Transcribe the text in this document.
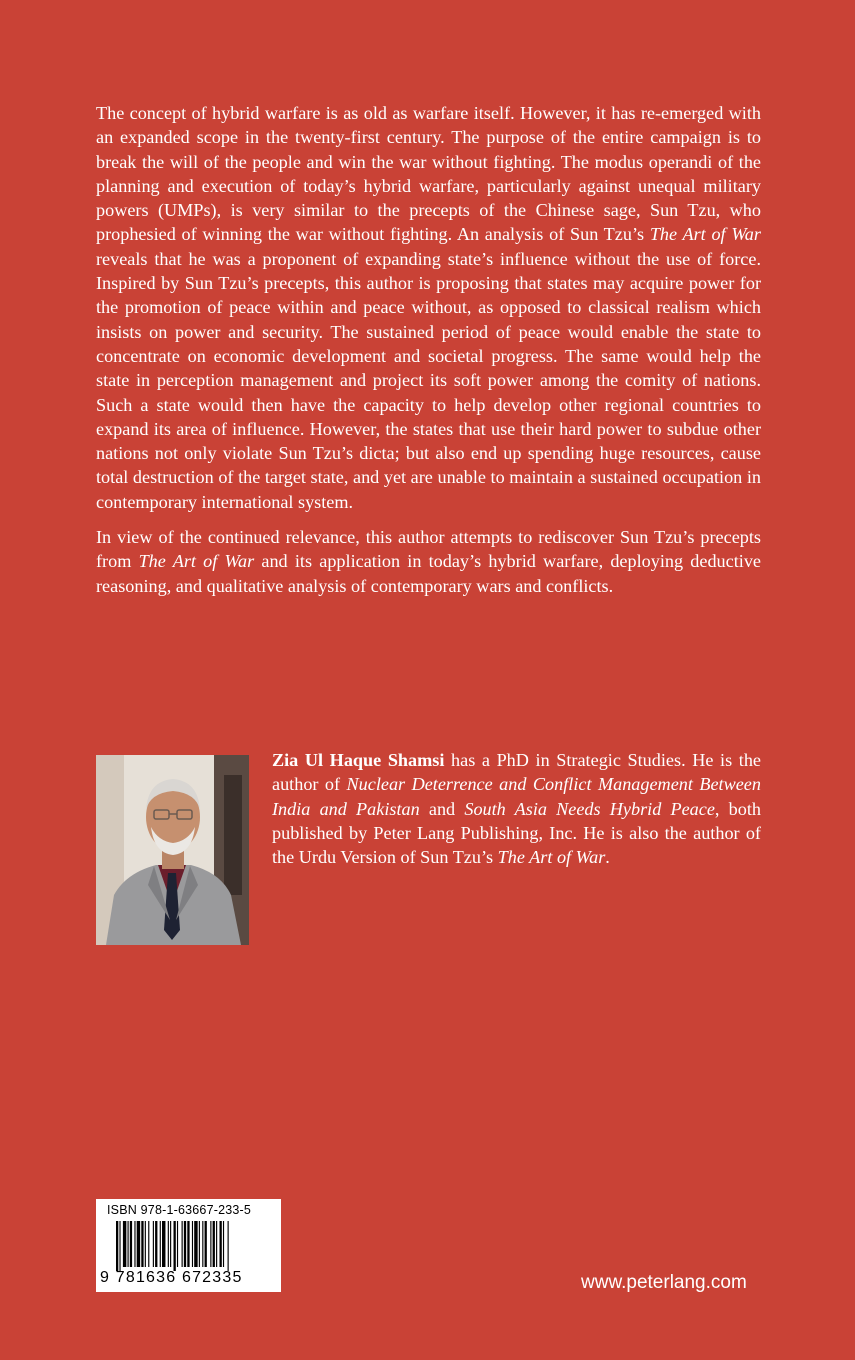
The concept of hybrid warfare is as old as warfare itself. However, it has re-emerged with an expanded scope in the twenty-first century. The purpose of the entire campaign is to break the will of the people and win the war without fighting. The modus operandi of the planning and execution of today’s hybrid warfare, particularly against unequal military powers (UMPs), is very similar to the precepts of the Chinese sage, Sun Tzu, who prophesied of winning the war without fighting. An analysis of Sun Tzu’s The Art of War reveals that he was a proponent of expanding state’s influence without the use of force. Inspired by Sun Tzu’s precepts, this author is proposing that states may acquire power for the promotion of peace within and peace without, as opposed to classical realism which insists on power and security. The sustained period of peace would enable the state to concentrate on economic development and societal progress. The same would help the state in perception management and project its soft power among the comity of nations. Such a state would then have the capacity to help develop other regional countries to expand its area of influence. However, the states that use their hard power to subdue other nations not only violate Sun Tzu’s dicta; but also end up spending huge resources, cause total destruction of the target state, and yet are unable to maintain a sustained occupation in contemporary international system.

In view of the continued relevance, this author attempts to rediscover Sun Tzu’s precepts from The Art of War and its application in today’s hybrid warfare, deploying deductive reasoning, and qualitative analysis of contemporary wars and conflicts.

Zia Ul Haque Shamsi has a PhD in Strategic Studies. He is the author of Nuclear Deterrence and Conflict Management Between India and Pakistan and South Asia Needs Hybrid Peace, both published by Peter Lang Publishing, Inc. He is also the author of the Urdu Version of Sun Tzu’s The Art of War.
ISBN 978-1-63667-233-5
9 781636 672335	www.peterlang.com
